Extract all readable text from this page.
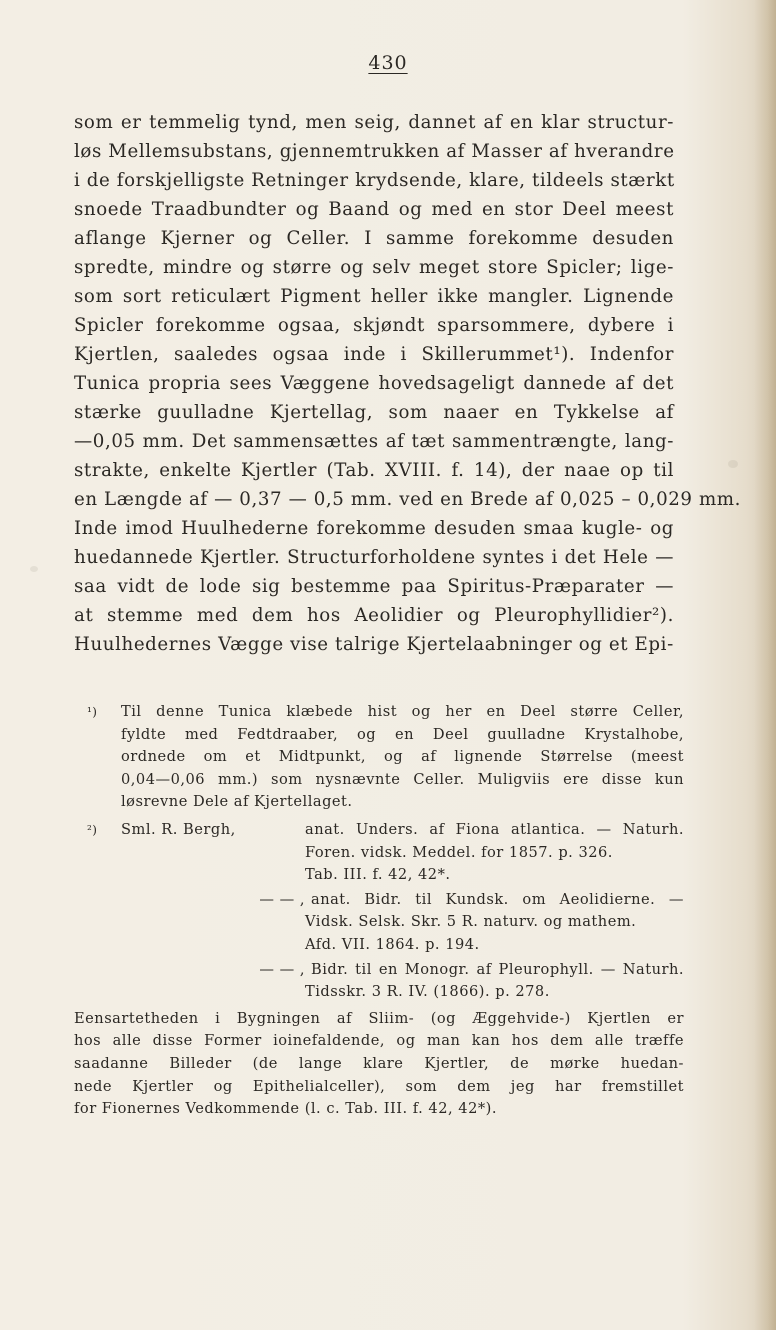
430
som er temmelig tynd, men seig, dannet af en klar structur-
løs Mellemsubstans, gjennemtrukken af Masser af hverandre
i de forskjelligste Retninger krydsende, klare, tildeels stærkt
snoede Traadbundter og Baand og med en stor Deel meest
aflange Kjerner og Celler. I samme forekomme desuden
spredte, mindre og større og selv meget store Spicler; lige-
som sort reticulært Pigment heller ikke mangler. Lignende
Spicler forekomme ogsaa, skjøndt sparsommere, dybere i
Kjertlen, saaledes ogsaa inde i Skillerummet¹). Indenfor
Tunica propria sees Væggene hovedsageligt dannede af det
stærke guulladne Kjertellag, som naaer en Tykkelse af
—0,05 mm. Det sammensættes af tæt sammentrængte, lang-
strakte, enkelte Kjertler (Tab. XVIII. f. 14), der naae op til
en Længde af — 0,37 — 0,5 mm. ved en Brede af 0,025 – 0,029 mm.
Inde imod Huulhederne forekomme desuden smaa kugle- og
huedannede Kjertler. Structurforholdene syntes i det Hele —
saa vidt de lode sig bestemme paa Spiritus-Præparater —
at stemme med dem hos Aeolidier og Pleurophyllidier²).
Huulhedernes Vægge vise talrige Kjertelaabninger og et Epi-
¹) Til denne Tunica klæbede hist og her en Deel større Celler,
fyldte med Fedtdraaber, og en Deel guulladne Krystalhobe,
ordnede om et Midtpunkt, og af lignende Størrelse (meest
0,04—0,06 mm.) som nysnævnte Celler. Muligviis ere disse kun
løsrevne Dele af Kjertellaget.
²) Sml. R. Bergh,	anat. Unders. af Fiona atlantica. — Naturh.
Foren. vidsk. Meddel. for 1857. p. 326.
Tab. III. f. 42, 42*.
— — , anat. Bidr. til Kundsk. om Aeolidierne. —
Vidsk. Selsk. Skr. 5 R. naturv. og mathem.
Afd. VII. 1864. p. 194.
— — , Bidr. til en Monogr. af Pleurophyll. — Naturh.
Tidsskr. 3 R. IV. (1866). p. 278.
Eensartetheden i Bygningen af Sliim- (og Æggehvide-) Kjertlen er
hos alle disse Former ioinefaldende, og man kan hos dem alle træffe
saadanne Billeder (de lange klare Kjertler, de mørke huedan-
nede Kjertler og Epithelialceller), som dem jeg har fremstillet
for Fionernes Vedkommende (l. c. Tab. III. f. 42, 42*).
